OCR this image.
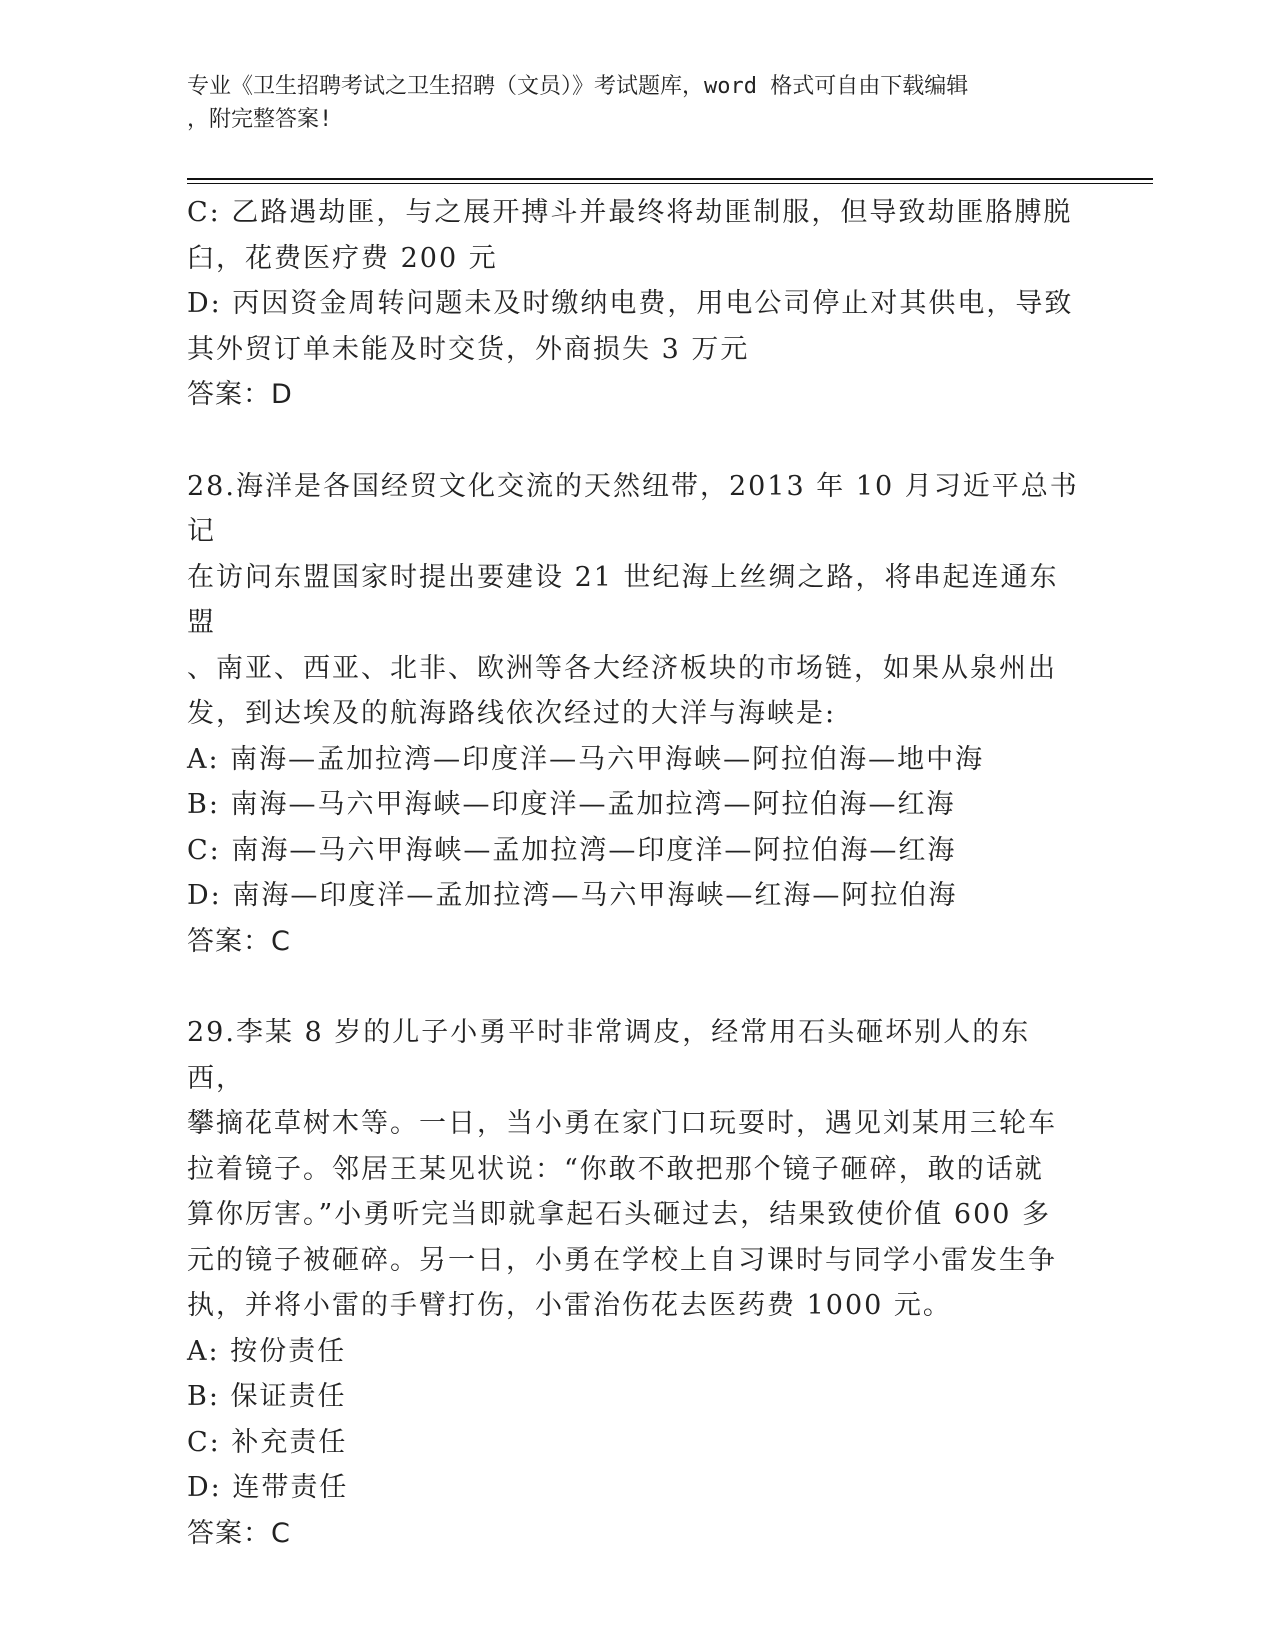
专业《卫生招聘考试之卫生招聘（文员）》考试题库，word 格式可自由下载编辑
，附完整答案!

C: 乙路遇劫匪，与之展开搏斗并最终将劫匪制服，但导致劫匪胳膊脱

臼，花费医疗费 200 元

D: 丙因资金周转问题未及时缴纳电费，用电公司停止对其供电，导致

其外贸订单未能及时交货，外商损失 3 万元

答案：D

28.海洋是各国经贸文化交流的天然纽带，2013 年 10 月习近平总书记

在访问东盟国家时提出要建设 21 世纪海上丝绸之路，将串起连通东盟

、南亚、西亚、北非、欧洲等各大经济板块的市场链，如果从泉州出

发，到达埃及的航海路线依次经过的大洋与海峡是:

A: 南海—孟加拉湾—印度洋—马六甲海峡—阿拉伯海—地中海

B: 南海—马六甲海峡—印度洋—孟加拉湾—阿拉伯海—红海

C: 南海—马六甲海峡—孟加拉湾—印度洋—阿拉伯海—红海

D: 南海—印度洋—孟加拉湾—马六甲海峡—红海—阿拉伯海

答案：C

29.李某 8 岁的儿子小勇平时非常调皮，经常用石头砸坏别人的东西，

攀摘花草树木等。一日，当小勇在家门口玩耍时，遇见刘某用三轮车

拉着镜子。邻居王某见状说：“你敢不敢把那个镜子砸碎，敢的话就

算你厉害。”小勇听完当即就拿起石头砸过去，结果致使价值 600 多

元的镜子被砸碎。另一日，小勇在学校上自习课时与同学小雷发生争

执，并将小雷的手臂打伤，小雷治伤花去医药费 1000 元。

A: 按份责任

B: 保证责任

C: 补充责任

D: 连带责任

答案：C
